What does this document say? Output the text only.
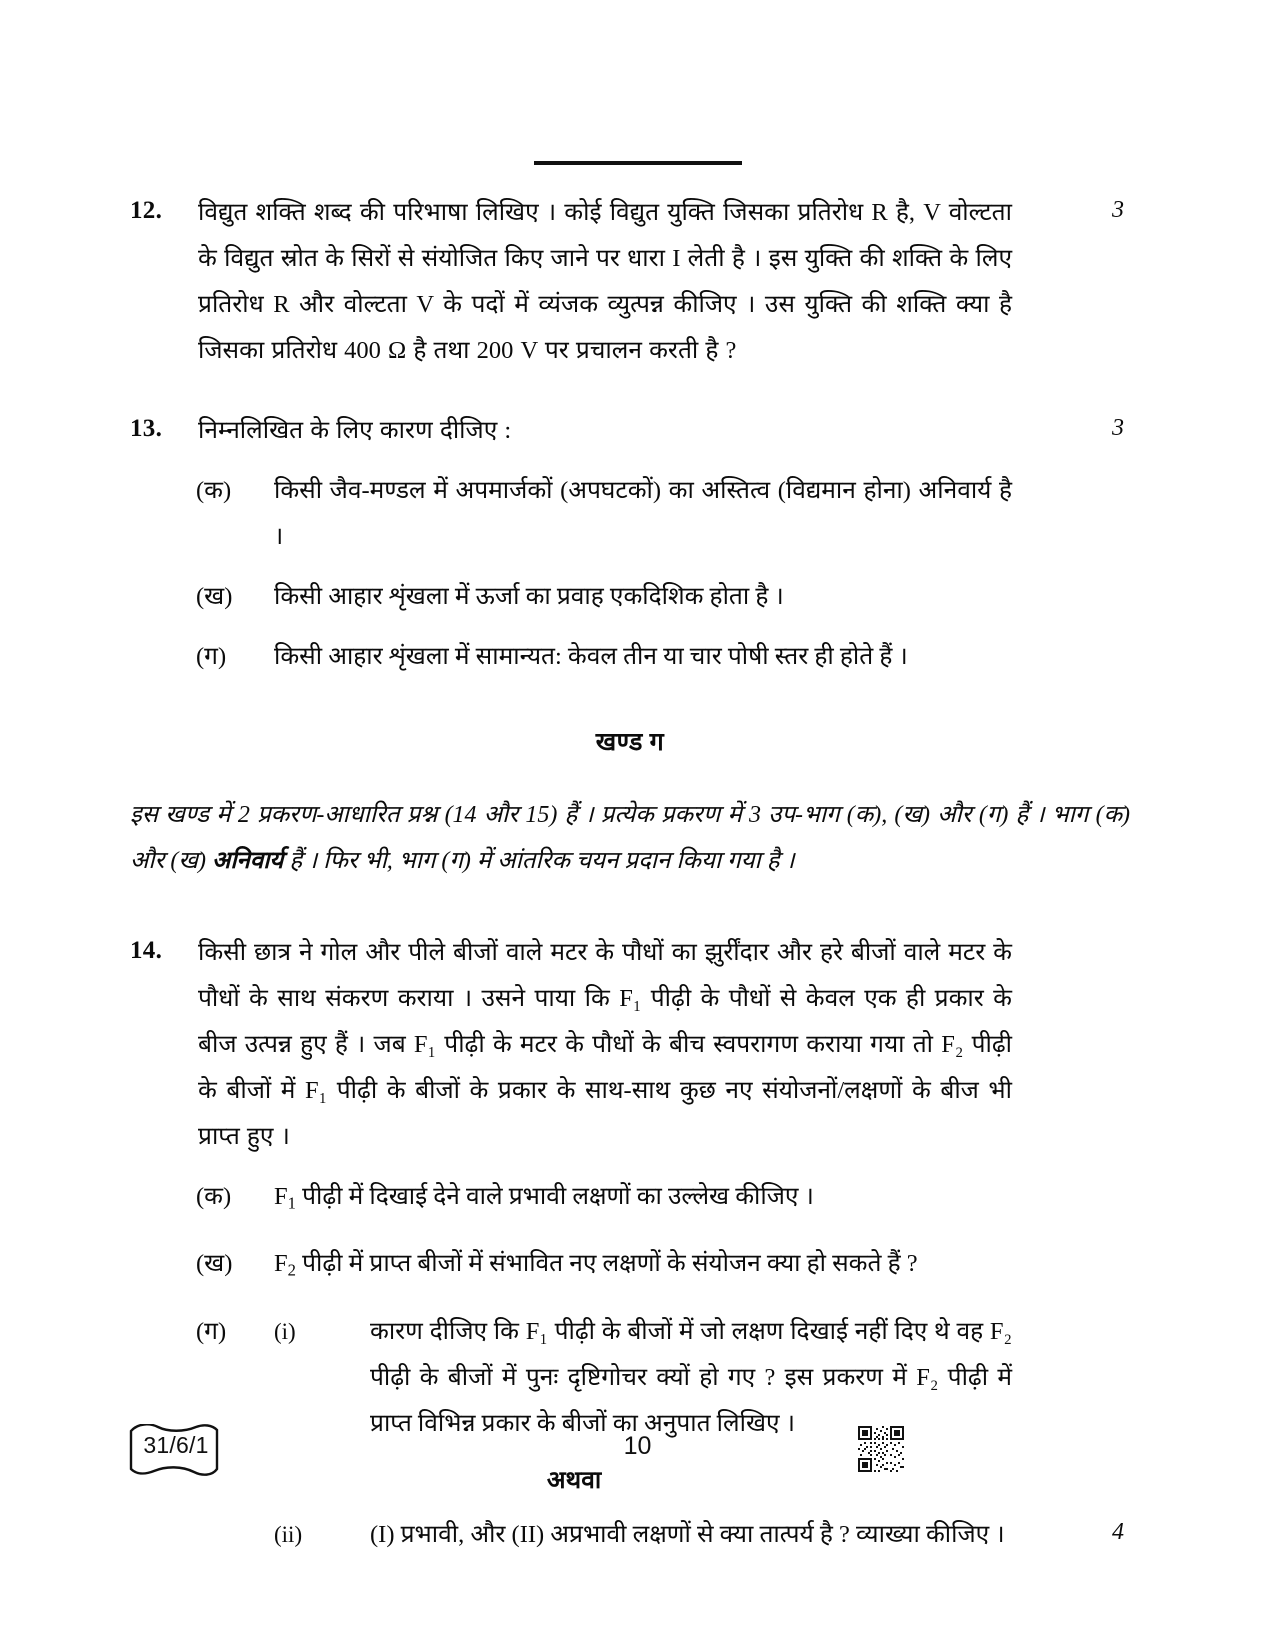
12.	विद्युत शक्ति शब्द की परिभाषा लिखिए । कोई विद्युत युक्ति जिसका प्रतिरोध R है, V वोल्टता के विद्युत स्रोत के सिरों से संयोजित किए जाने पर धारा I लेती है । इस युक्ति की शक्ति के लिए प्रतिरोध R और वोल्टता V के पदों में व्यंजक व्युत्पन्न कीजिए । उस युक्ति की शक्ति क्या है जिसका प्रतिरोध 400 Ω है तथा 200 V पर प्रचालन करती है ?

3
13.	निम्नलिखित के लिए कारण दीजिए :	3
(क)	किसी जैव-मण्डल में अपमार्जकों (अपघटकों) का अस्तित्व (विद्यमान होना) अनिवार्य है ।
(ख)	किसी आहार शृंखला में ऊर्जा का प्रवाह एकदिशिक होता है ।
(ग)	किसी आहार शृंखला में सामान्यत: केवल तीन या चार पोषी स्तर ही होते हैं ।
खण्ड ग
इस खण्ड में 2 प्रकरण-आधारित प्रश्न (14 और 15) हैं । प्रत्येक प्रकरण में 3 उप-भाग (क), (ख) और (ग) हैं । भाग (क) और (ख) अनिवार्य हैं । फिर भी, भाग (ग) में आंतरिक चयन प्रदान किया गया है ।
14.	किसी छात्र ने गोल और पीले बीजों वाले मटर के पौधों का झुर्रींदार और हरे बीजों वाले मटर के पौधों के साथ संकरण कराया । उसने पाया कि F₁ पीढ़ी के पौधों से केवल एक ही प्रकार के बीज उत्पन्न हुए हैं । जब F₁ पीढ़ी के मटर के पौधों के बीच स्वपरागण कराया गया तो F₂ पीढ़ी के बीजों में F₁ पीढ़ी के बीजों के प्रकार के साथ-साथ कुछ नए संयोजनों/लक्षणों के बीज भी प्राप्त हुए ।

(क)	$F_1$ पीढ़ी में दिखाई देने वाले प्रभावी लक्षणों का उल्लेख कीजिए ।
(ख)	$F_2$ पीढ़ी में प्राप्त बीजों में संभावित नए लक्षणों के संयोजन क्या हो सकते हैं ?
(ग)	(i)	कारण दीजिए कि F₁ पीढ़ी के बीजों में जो लक्षण दिखाई नहीं दिए थे वह F₂ पीढ़ी के बीजों में पुनः दृष्टिगोचर क्यों हो गए ? इस प्रकरण में F₂ पीढ़ी में प्राप्त विभिन्न प्रकार के बीजों का अनुपात लिखिए ।
अथवा
(ii)	(I) प्रभावी, और (II) अप्रभावी लक्षणों से क्या तात्पर्य है ? व्याख्या कीजिए ।	4
31/6/1	10
